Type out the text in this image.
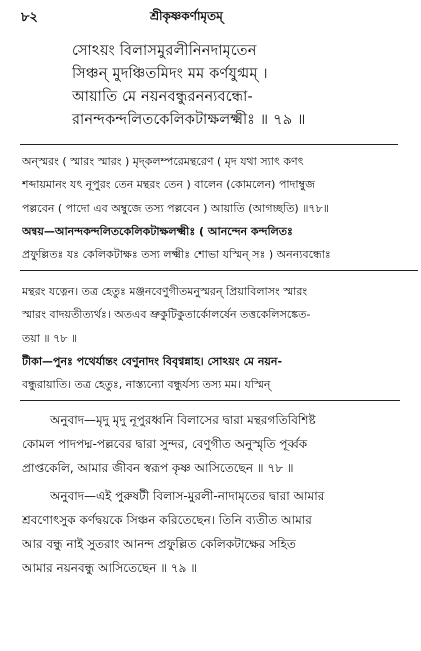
৮২	শ্রীকৃষ্ণকর্ণামৃতম্‌
সোঽয়ং বিলাসমুরলীনিনদামৃতেন
সিঞ্চন্ মুদঞ্চিতমিদং মম কর্ণযুগ্মম্ ।
আয়াতি মে নয়নবন্ধুরনন্যবন্ধো-
রানন্দকন্দলিতকেলিকটাক্ষলক্ষ্মীঃ ॥ ৭৯ ॥
অন্স্মরং ( স্মারং স্মারং ) মৃদ্কলম্পরেমন্থরেণ ( মৃদ যথা স্যাৎ কণৎ
শব্দায়মানং যৎ নূপুরং তেন মন্থরং তেন ) বালেন (কোমলেন) পাদাম্বুজ
পল্লবেন ( পাদো এব অম্বুজে তস্য পল্লবেন ) আয়াতি (আগচ্ছতি) ॥৭৮॥
অন্বয়—আনন্দকন্দলিতকেলিকটাক্ষলক্ষ্মীঃ ( আনন্দেন কন্দলিতঃ
প্রফুল্লিতঃ যঃ কেলিকটাক্ষঃ তস্য লক্ষ্মীঃ শোভা যস্মিন্ সঃ ) অনন্যবন্ধোঃ
মন্থরং যত্নেন। তত্র হেতুঃ মঞ্জনবেণুগীতমনুস্মরন্ প্রিয়াবিলাসং স্মারং
স্মারং বাদয়তীত্যর্থঃ। অতএব ভ্রুকুটিকুতার্কোলর্ষেন তত্তকেলিসঙ্কেত-
তয়া ॥ ৭৮ ॥
টীকা—পুনঃ পথের্যান্তং বেণুনাদং বিবৃণ্বন্নাহ। সোঽয়ং মে নয়ন-
বন্ধুরায়াতি। তত্র হেতুঃ, নাস্ত্যন্যো বন্ধুর্যস্য তস্য মম। যস্মিন্
অনুবাদ—মৃদু মৃদু নূপুরধ্বনি বিলাসের দ্বারা মন্থরগতিবিশিষ্ট
কোমল পাদপদ্ম-পল্লবের দ্বারা সুন্দর, বেণুগীত অনুস্মৃতি পূর্ব্বক
প্রাপ্তকেলি, আমার জীবন স্বরূপ কৃষ্ণ আসিতেছেন ॥ ৭৮ ॥
অনুবাদ—এই পুরুষটী বিলাস-মুরলী-নাদামৃতের দ্বারা আমার
শ্রবণোৎসুক কর্ণদ্বয়কে সিঞ্চন করিতেছেন। তিনি ব্যতীত আমার
আর বন্ধু নাই সুতরাং আনন্দ প্রফুল্লিত কেলিকটাক্ষের সহিত
আমার নয়নবন্ধু আসিতেছেন ॥ ৭৯ ॥
